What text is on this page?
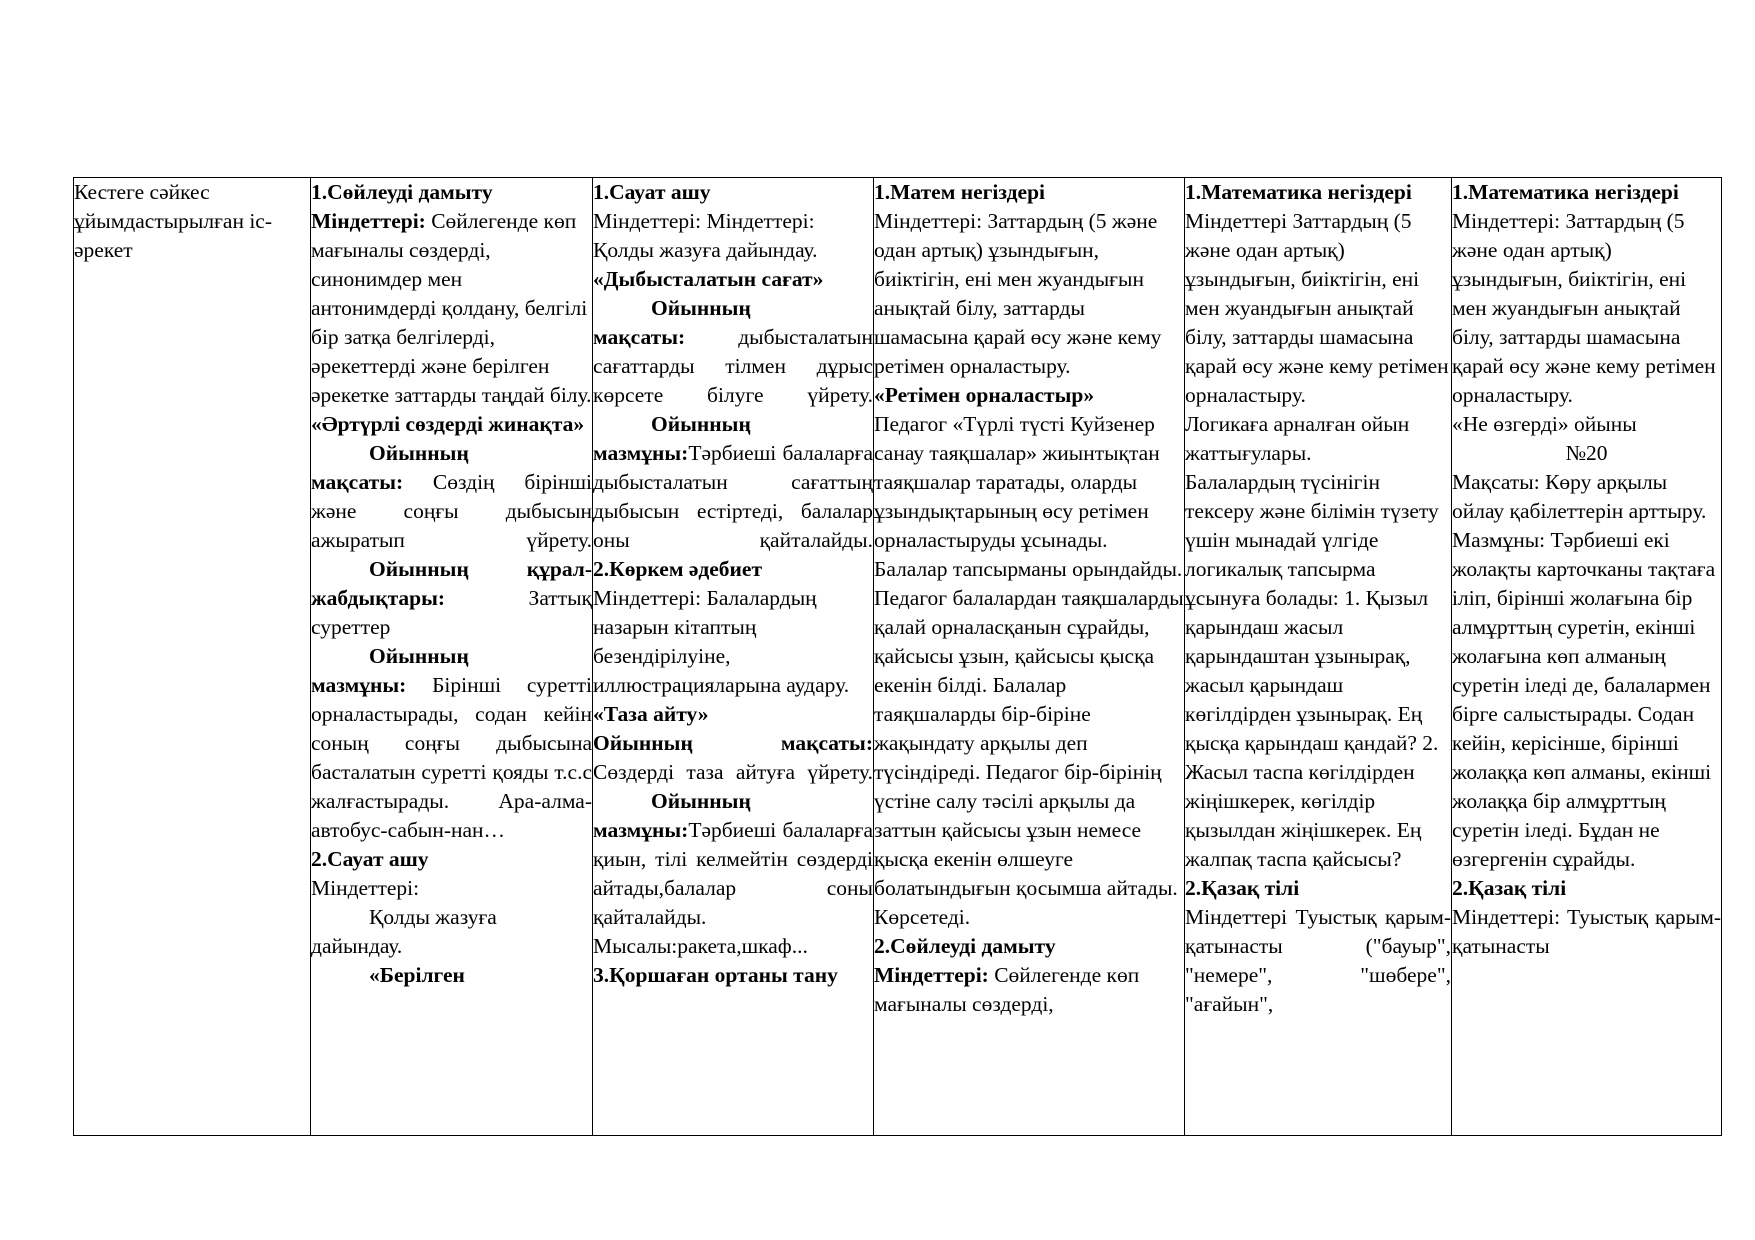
Кестеге сәйкес ұйымдастырылған іс-әрекет

1.Сөйлеуді дамыту
Міндеттері: Сөйлегенде көп мағыналы сөздерді, синонимдер мен антонимдерді қолдану, белгілі бір затқа белгілерді, әрекеттерді және берілген әрекетке заттарды таңдай білу.
«Әртүрлі сөздерді жинақта»
Ойынның
мақсаты: Сөздің бірінші және соңғы дыбысын ажыратып үйрету.
Ойынның құрал-жабдықтары: Заттық суреттер
Ойынның
мазмұны: Бірінші суретті орналастырады, содан кейін соның соңғы дыбысына басталатын суретті қояды т.с.с жалғастырады. Ара-алма- автобус-сабын-нан…
2.Сауат ашу
Міндеттері:
Қолды жазуға дайындау.
«Берілген

1.Сауат ашу
Міндеттері: Міндеттері: Қолды жазуға дайындау.
«Дыбысталатын сағат»
Ойынның
мақсаты: дыбысталатын сағаттарды тілмен дұрыс көрсете білуге үйрету.
Ойынның
мазмұны:Тәрбиеші балаларға дыбысталатын сағаттың дыбысын естіртеді, балалар оны қайталайды.
2.Көркем әдебиет
Міндеттері: Балалардың назарын кітаптың безендірілуіне, иллюстрацияларына аудару.
«Таза айту»
Ойынның мақсаты: Сөздерді таза айтуға үйрету.
Ойынның
мазмұны:Тәрбиеші балаларға қиын, тілі келмейтін сөздерді айтады,балалар соны қайталайды.
Мысалы:ракета,шкаф...
3.Қоршаған ортаны тану

1.Матем негіздері
Міндеттері: Заттардың (5 және одан артық) ұзындығын, биіктігін, ені мен жуандығын анықтай білу, заттарды шамасына қарай өсу және кему ретімен орналастыру.
«Ретімен орналастыр»
Педагог «Түрлі түсті Куйзенер санау таяқшалар» жиынтықтан таяқшалар таратады, оларды ұзындықтарының өсу ретімен орналастыруды ұсынады. Балалар тапсырманы орындайды. Педагог балалардан таяқшаларды қалай орналасқанын сұрайды, қайсысы ұзын, қайсысы қысқа екенін білді. Балалар таяқшаларды бір-біріне жақындату арқылы деп түсіндіреді. Педагог бір-бірінің үстіне салу тәсілі арқылы да заттын қайсысы ұзын немесе қысқа екенін өлшеуге болатындығын қосымша айтады. Көрсетеді.
2.Сөйлеуді дамыту
Міндеттері: Сөйлегенде көп мағыналы сөздерді,

1.Математика негіздері
Міндеттері Заттардың (5 және одан артық) ұзындығын, биіктігін, ені мен жуандығын анықтай білу, заттарды шамасына қарай өсу және кему ретімен орналастыру.
Логикаға арналған ойын жаттығулары.
Балалардың түсінігін тексеру және білімін түзету үшін мынадай үлгіде логикалық тапсырма ұсынуға болады: 1. Қызыл қарындаш жасыл қарындаштан ұзынырақ, жасыл қарындаш көгілдірден ұзынырақ. Ең қысқа қарындаш қандай? 2. Жасыл таспа көгілдірден жіңішкерек, көгілдір қызылдан жіңішкерек. Ең жалпақ таспа қайсысы?
2.Қазақ тілі
Міндеттері Туыстық қарым-қатынасты ("бауыр", "немере", "шөбере", "ағайын",

1.Математика негіздері
Міндеттері: Заттардың (5 және одан артық) ұзындығын, биіктігін, ені мен жуандығын анықтай білу, заттарды шамасына қарай өсу және кему ретімен орналастыру.
«Не өзгерді» ойыны
№20
Мақсаты: Көру арқылы ойлау қабілеттерін арттыру.
Мазмұны: Тәрбиеші екі жолақты карточканы тақтаға іліп, бірінші жолағына бір алмұрттың суретін, екінші жолағына көп алманың суретін іледі де, балалармен бірге салыстырады. Содан кейін, керісінше, бірінші жолаққа көп алманы, екінші жолаққа бір алмұрттың суретін іледі. Бұдан не өзгергенін сұрайды.
2.Қазақ тілі
Міндеттері: Туыстық қарым-қатынасты
